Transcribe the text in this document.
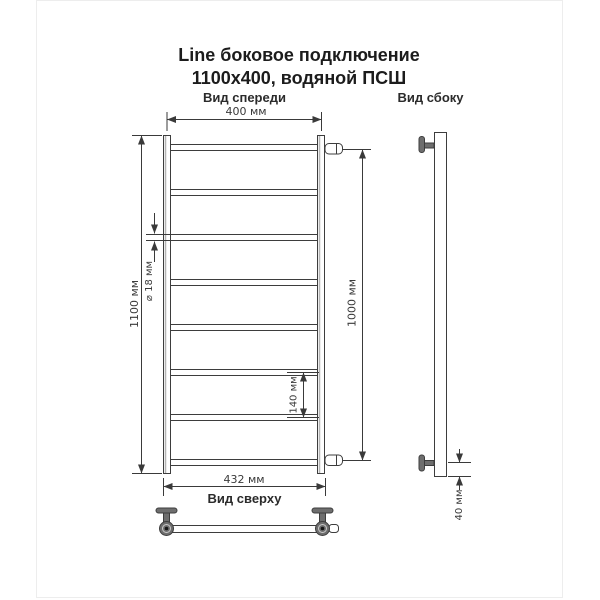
Line боковое подключение
1100x400, водяной ПСШ
Вид спереди	Вид сбоку
Вид сверху
400 мм
1100 мм ⌀ 18 мм
140 мм
1000 мм
432 мм
40 мм
